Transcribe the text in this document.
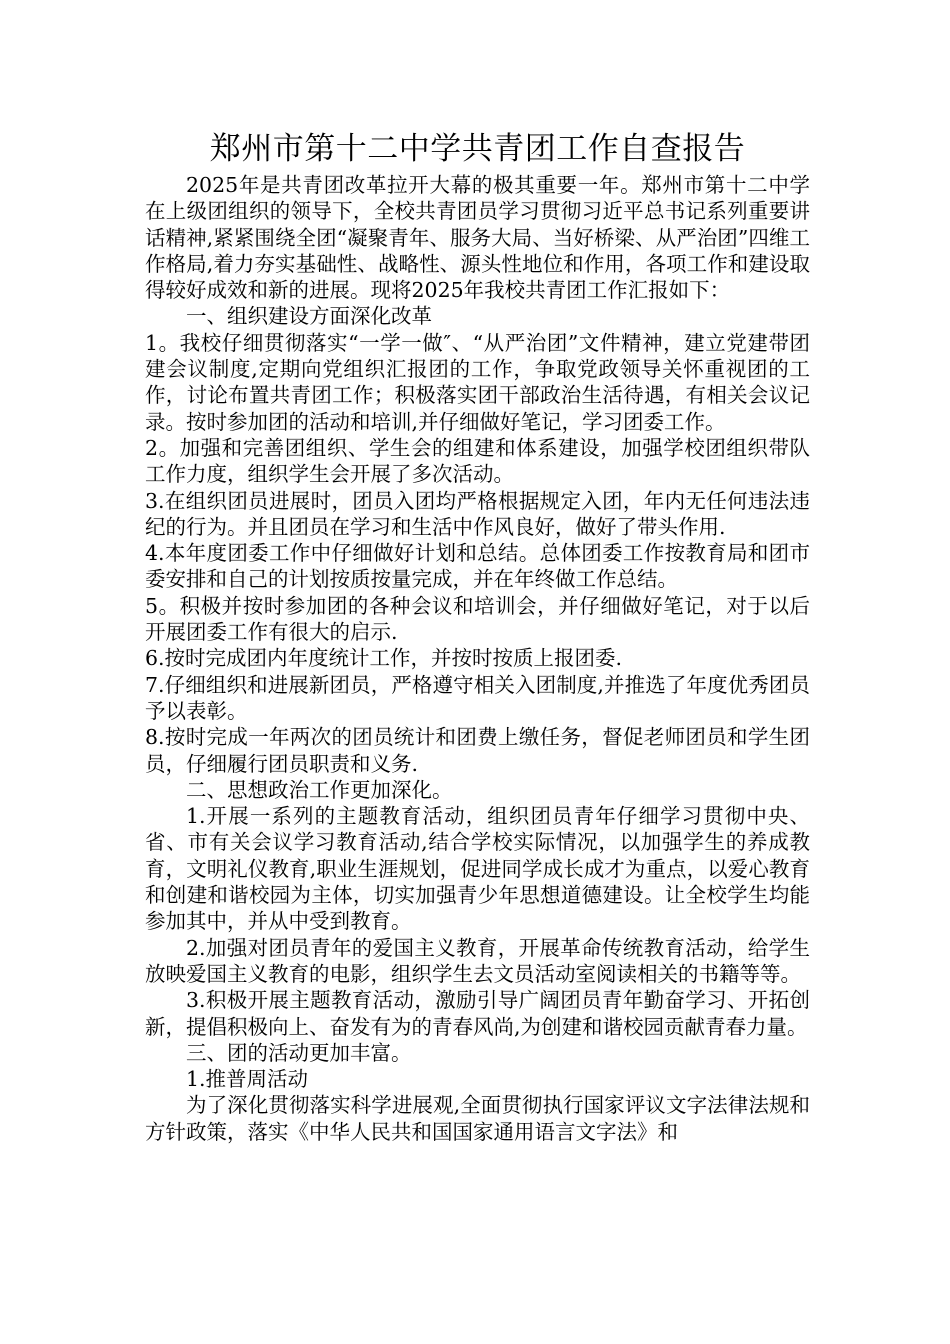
郑州市第十二中学共青团工作自查报告

2025年是共青团改革拉开大幕的极其重要一年。郑州市第十二中学在上级团组织的领导下，全校共青团员学习贯彻习近平总书记系列重要讲话精神,紧紧围绕全团“凝聚青年、服务大局、当好桥梁、从严治团”四维工作格局,着力夯实基础性、战略性、源头性地位和作用，各项工作和建设取得较好成效和新的进展。现将2025年我校共青团工作汇报如下：

一、组织建设方面深化改革

1。我校仔细贯彻落实“一学一做″、“从严治团”文件精神，建立党建带团建会议制度,定期向党组织汇报团的工作，争取党政领导关怀重视团的工作，讨论布置共青团工作；积极落实团干部政治生活待遇，有相关会议记录。按时参加团的活动和培训,并仔细做好笔记，学习团委工作。

2。加强和完善团组织、学生会的组建和体系建设，加强学校团组织带队工作力度，组织学生会开展了多次活动。

3.在组织团员进展时，团员入团均严格根据规定入团，年内无任何违法违纪的行为。并且团员在学习和生活中作风良好，做好了带头作用.

4.本年度团委工作中仔细做好计划和总结。总体团委工作按教育局和团市委安排和自己的计划按质按量完成，并在年终做工作总结。

5。积极并按时参加团的各种会议和培训会，并仔细做好笔记，对于以后开展团委工作有很大的启示.

6.按时完成团内年度统计工作，并按时按质上报团委.

7.仔细组织和进展新团员，严格遵守相关入团制度,并推选了年度优秀团员予以表彰。

8.按时完成一年两次的团员统计和团费上缴任务，督促老师团员和学生团员，仔细履行团员职责和义务.

二、思想政治工作更加深化。

1.开展一系列的主题教育活动，组织团员青年仔细学习贯彻中央、省、市有关会议学习教育活动,结合学校实际情况，以加强学生的养成教育，文明礼仪教育,职业生涯规划，促进同学成长成才为重点，以爱心教育和创建和谐校园为主体，切实加强青少年思想道德建设。让全校学生均能参加其中，并从中受到教育。

2.加强对团员青年的爱国主义教育，开展革命传统教育活动，给学生放映爱国主义教育的电影，组织学生去文员活动室阅读相关的书籍等等。

3.积极开展主题教育活动，激励引导广阔团员青年勤奋学习、开拓创新，提倡积极向上、奋发有为的青春风尚,为创建和谐校园贡献青春力量。

三、团的活动更加丰富。

1.推普周活动

为了深化贯彻落实科学进展观,全面贯彻执行国家评议文字法律法规和方针政策，落实《中华人民共和国国家通用语言文字法》和
